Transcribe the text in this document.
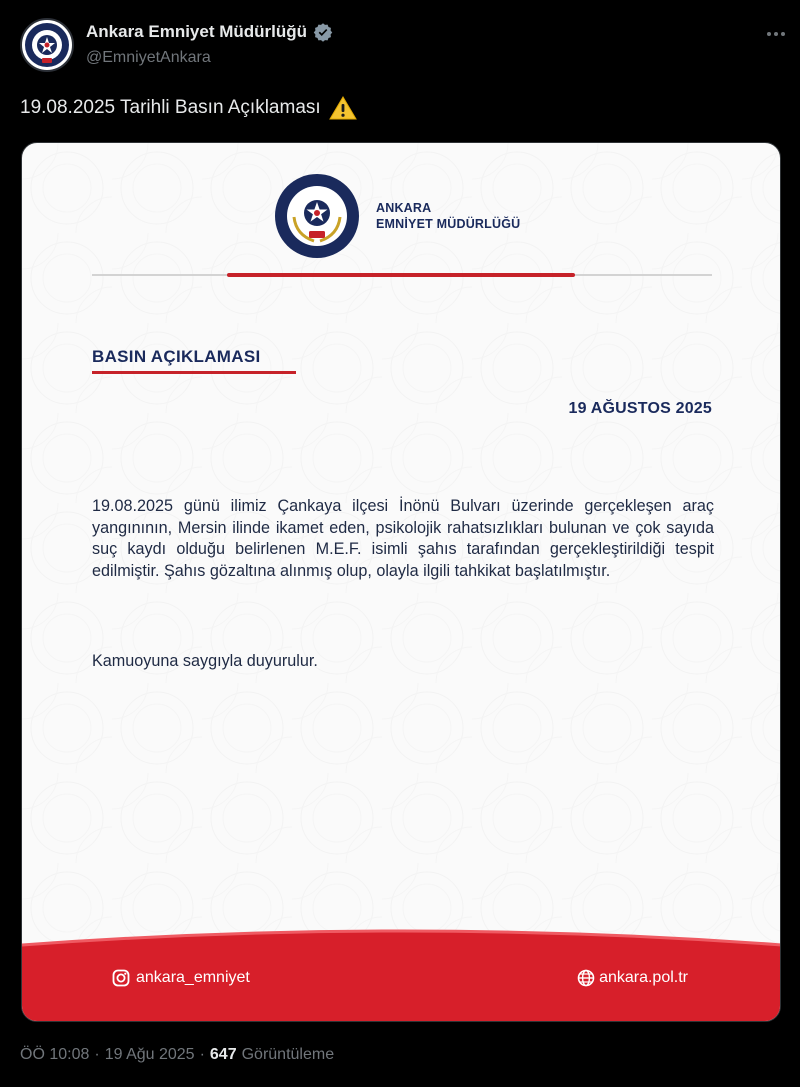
Ankara Emniyet Müdürlüğü
@EmniyetAnkara
19.08.2025 Tarihli Basın Açıklaması
ANKARA
EMNİYET MÜDÜRLÜĞÜ
BASIN AÇIKLAMASI
19 AĞUSTOS 2025

19.08.2025 günü ilimiz Çankaya ilçesi İnönü Bulvarı üzerinde gerçekleşen araç yangınının, Mersin ilinde ikamet eden, psikolojik rahatsızlıkları bulunan ve çok sayıda suç kaydı olduğu belirlenen M.E.F. isimli şahıs tarafından gerçekleştirildiği tespit edilmiştir. Şahıs gözaltına alınmış olup, olayla ilgili tahkikat başlatılmıştır.

Kamuoyuna saygıyla duyurulur.

ankara_emniyet	ankara.pol.tr
ÖÖ 10:08 · 19 Ağu 2025 · 647 Görüntüleme
